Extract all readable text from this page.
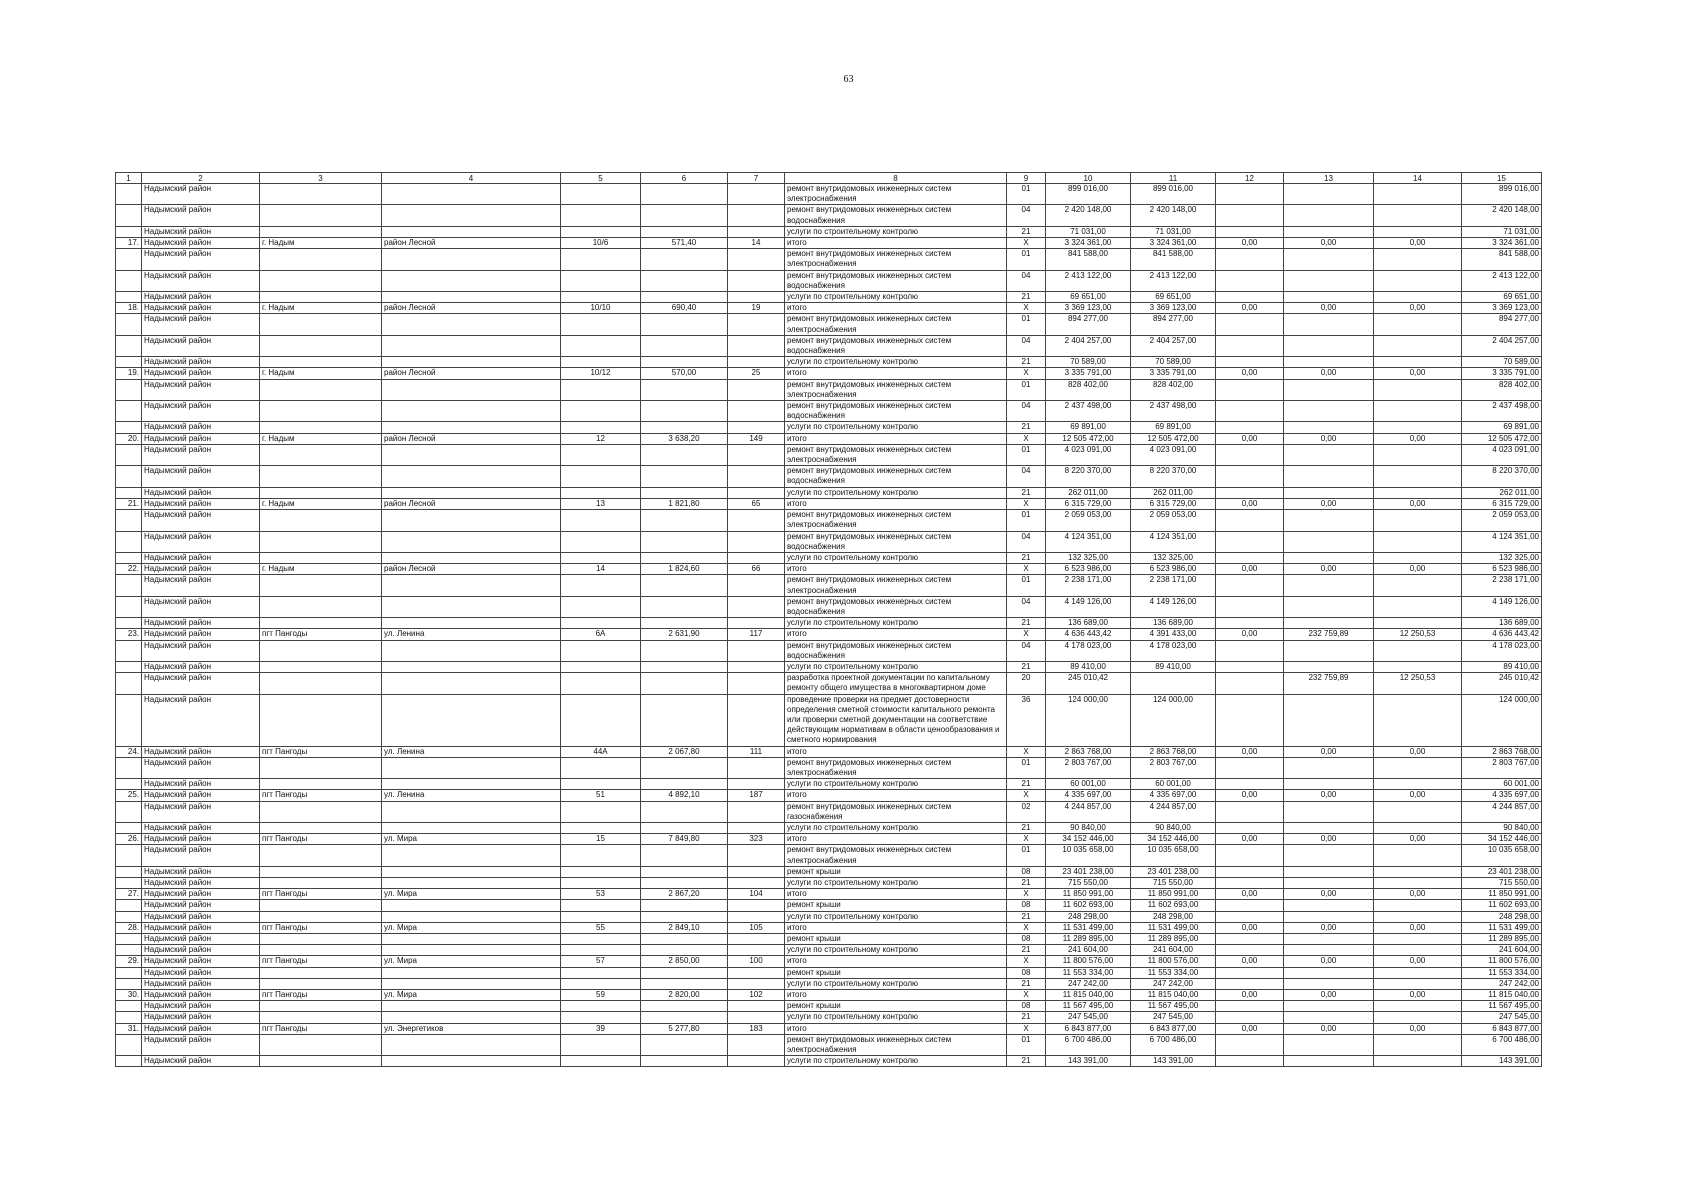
63
1	2	3	4	5	6	7	8	9	10	11	12	13	14	15
	Надымский район						ремонт внутридомовых инженерных систем электроснабжения	01	899 016,00	899 016,00				899 016,00
	Надымский район						ремонт внутридомовых инженерных систем водоснабжения	04	2 420 148,00	2 420 148,00				2 420 148,00
	Надымский район						услуги по строительному контролю	21	71 031,00	71 031,00				71 031,00
17.	Надымский район	г. Надым	район Лесной	10/6	571,40	14	итого	X	3 324 361,00	3 324 361,00	0,00	0,00	0,00	3 324 361,00
	Надымский район						ремонт внутридомовых инженерных систем электроснабжения	01	841 588,00	841 588,00				841 588,00
	Надымский район						ремонт внутридомовых инженерных систем водоснабжения	04	2 413 122,00	2 413 122,00				2 413 122,00
	Надымский район						услуги по строительному контролю	21	69 651,00	69 651,00				69 651,00
18.	Надымский район	г. Надым	район Лесной	10/10	690,40	19	итого	X	3 369 123,00	3 369 123,00	0,00	0,00	0,00	3 369 123,00
	Надымский район						ремонт внутридомовых инженерных систем электроснабжения	01	894 277,00	894 277,00				894 277,00
	Надымский район						ремонт внутридомовых инженерных систем водоснабжения	04	2 404 257,00	2 404 257,00				2 404 257,00
	Надымский район						услуги по строительному контролю	21	70 589,00	70 589,00				70 589,00
19.	Надымский район	г. Надым	район Лесной	10/12	570,00	25	итого	X	3 335 791,00	3 335 791,00	0,00	0,00	0,00	3 335 791,00
	Надымский район						ремонт внутридомовых инженерных систем электроснабжения	01	828 402,00	828 402,00				828 402,00
	Надымский район						ремонт внутридомовых инженерных систем водоснабжения	04	2 437 498,00	2 437 498,00				2 437 498,00
	Надымский район						услуги по строительному контролю	21	69 891,00	69 891,00				69 891,00
20.	Надымский район	г. Надым	район Лесной	12	3 638,20	149	итого	X	12 505 472,00	12 505 472,00	0,00	0,00	0,00	12 505 472,00
	Надымский район						ремонт внутридомовых инженерных систем электроснабжения	01	4 023 091,00	4 023 091,00				4 023 091,00
	Надымский район						ремонт внутридомовых инженерных систем водоснабжения	04	8 220 370,00	8 220 370,00				8 220 370,00
	Надымский район						услуги по строительному контролю	21	262 011,00	262 011,00				262 011,00
21.	Надымский район	г. Надым	район Лесной	13	1 821,80	65	итого	X	6 315 729,00	6 315 729,00	0,00	0,00	0,00	6 315 729,00
	Надымский район						ремонт внутридомовых инженерных систем электроснабжения	01	2 059 053,00	2 059 053,00				2 059 053,00
	Надымский район						ремонт внутридомовых инженерных систем водоснабжения	04	4 124 351,00	4 124 351,00				4 124 351,00
	Надымский район						услуги по строительному контролю	21	132 325,00	132 325,00				132 325,00
22.	Надымский район	г. Надым	район Лесной	14	1 824,60	66	итого	X	6 523 986,00	6 523 986,00	0,00	0,00	0,00	6 523 986,00
	Надымский район						ремонт внутридомовых инженерных систем электроснабжения	01	2 238 171,00	2 238 171,00				2 238 171,00
	Надымский район						ремонт внутридомовых инженерных систем водоснабжения	04	4 149 126,00	4 149 126,00				4 149 126,00
	Надымский район						услуги по строительному контролю	21	136 689,00	136 689,00				136 689,00
23.	Надымский район	пгт Пангоды	ул. Ленина	6А	2 631,90	117	итого	X	4 636 443,42	4 391 433,00	0,00	232 759,89	12 250,53	4 636 443,42
	Надымский район						ремонт внутридомовых инженерных систем водоснабжения	04	4 178 023,00	4 178 023,00				4 178 023,00
	Надымский район						услуги по строительному контролю	21	89 410,00	89 410,00				89 410,00
	Надымский район						разработка проектной документации по капитальному ремонту общего имущества в многоквартирном доме	20	245 010,42			232 759,89	12 250,53	245 010,42
	Надымский район						проведение проверки на предмет достоверности определения сметной стоимости капитального ремонта или проверки сметной документации на соответствие действующим нормативам в области ценообразования и сметного нормирования	36	124 000,00	124 000,00				124 000,00
24.	Надымский район	пгт Пангоды	ул. Ленина	44А	2 067,80	111	итого	X	2 863 768,00	2 863 768,00	0,00	0,00	0,00	2 863 768,00
	Надымский район						ремонт внутридомовых инженерных систем электроснабжения	01	2 803 767,00	2 803 767,00				2 803 767,00
	Надымский район						услуги по строительному контролю	21	60 001,00	60 001,00				60 001,00
25.	Надымский район	пгт Пангоды	ул. Ленина	51	4 892,10	187	итого	X	4 335 697,00	4 335 697,00	0,00	0,00	0,00	4 335 697,00
	Надымский район						ремонт внутридомовых инженерных систем газоснабжения	02	4 244 857,00	4 244 857,00				4 244 857,00
	Надымский район						услуги по строительному контролю	21	90 840,00	90 840,00				90 840,00
26.	Надымский район	пгт Пангоды	ул. Мира	15	7 849,80	323	итого	X	34 152 446,00	34 152 446,00	0,00	0,00	0,00	34 152 446,00
	Надымский район						ремонт внутридомовых инженерных систем электроснабжения	01	10 035 658,00	10 035 658,00				10 035 658,00
	Надымский район						ремонт крыши	08	23 401 238,00	23 401 238,00				23 401 238,00
	Надымский район						услуги по строительному контролю	21	715 550,00	715 550,00				715 550,00
27.	Надымский район	пгт Пангоды	ул. Мира	53	2 867,20	104	итого	X	11 850 991,00	11 850 991,00	0,00	0,00	0,00	11 850 991,00
	Надымский район						ремонт крыши	08	11 602 693,00	11 602 693,00				11 602 693,00
	Надымский район						услуги по строительному контролю	21	248 298,00	248 298,00				248 298,00
28.	Надымский район	пгт Пангоды	ул. Мира	55	2 849,10	105	итого	X	11 531 499,00	11 531 499,00	0,00	0,00	0,00	11 531 499,00
	Надымский район						ремонт крыши	08	11 289 895,00	11 289 895,00				11 289 895,00
	Надымский район						услуги по строительному контролю	21	241 604,00	241 604,00				241 604,00
29.	Надымский район	пгт Пангоды	ул. Мира	57	2 850,00	100	итого	X	11 800 576,00	11 800 576,00	0,00	0,00	0,00	11 800 576,00
	Надымский район						ремонт крыши	08	11 553 334,00	11 553 334,00				11 553 334,00
	Надымский район						услуги по строительному контролю	21	247 242,00	247 242,00				247 242,00
30.	Надымский район	пгт Пангоды	ул. Мира	59	2 820,00	102	итого	X	11 815 040,00	11 815 040,00	0,00	0,00	0,00	11 815 040,00
	Надымский район						ремонт крыши	08	11 567 495,00	11 567 495,00				11 567 495,00
	Надымский район						услуги по строительному контролю	21	247 545,00	247 545,00				247 545,00
31.	Надымский район	пгт Пангоды	ул. Энергетиков	39	5 277,80	183	итого	X	6 843 877,00	6 843 877,00	0,00	0,00	0,00	6 843 877,00
	Надымский район						ремонт внутридомовых инженерных систем электроснабжения	01	6 700 486,00	6 700 486,00				6 700 486,00
	Надымский район						услуги по строительному контролю	21	143 391,00	143 391,00				143 391,00
